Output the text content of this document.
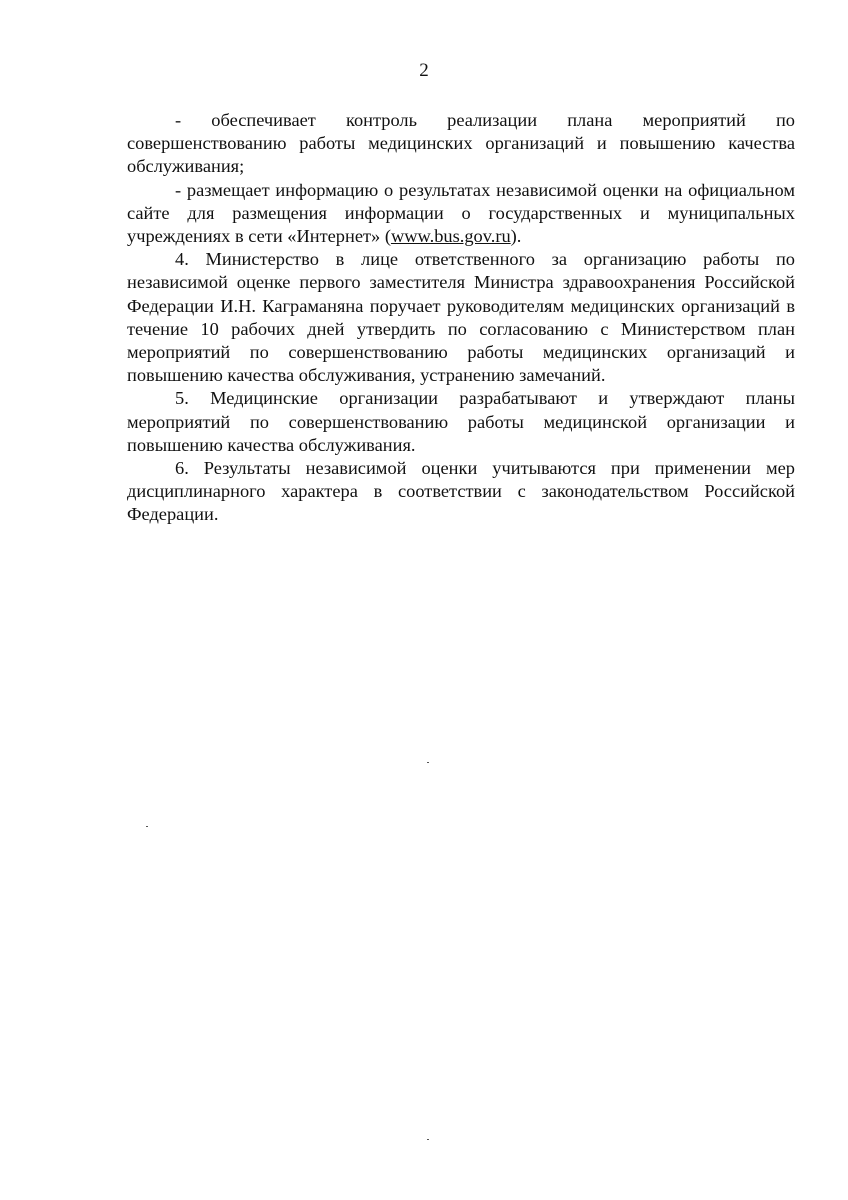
2

- обеспечивает контроль реализации плана мероприятий по совершенствованию работы медицинских организаций и повышению качества обслуживания;

- размещает информацию о результатах независимой оценки на официальном сайте для размещения информации о государственных и муниципальных учреждениях в сети «Интернет» (www.bus.gov.ru).

4. Министерство в лице ответственного за организацию работы по независимой оценке первого заместителя Министра здравоохранения Российской Федерации И.Н. Каграманяна поручает руководителям медицинских организаций в течение 10 рабочих дней утвердить по согласованию с Министерством план мероприятий по совершенствованию работы медицинских организаций и повышению качества обслуживания, устранению замечаний.

5. Медицинские организации разрабатывают и утверждают планы мероприятий по совершенствованию работы медицинской организации и повышению качества обслуживания.

6. Результаты независимой оценки учитываются при применении мер дисциплинарного характера в соответствии с законодательством Российской Федерации.
